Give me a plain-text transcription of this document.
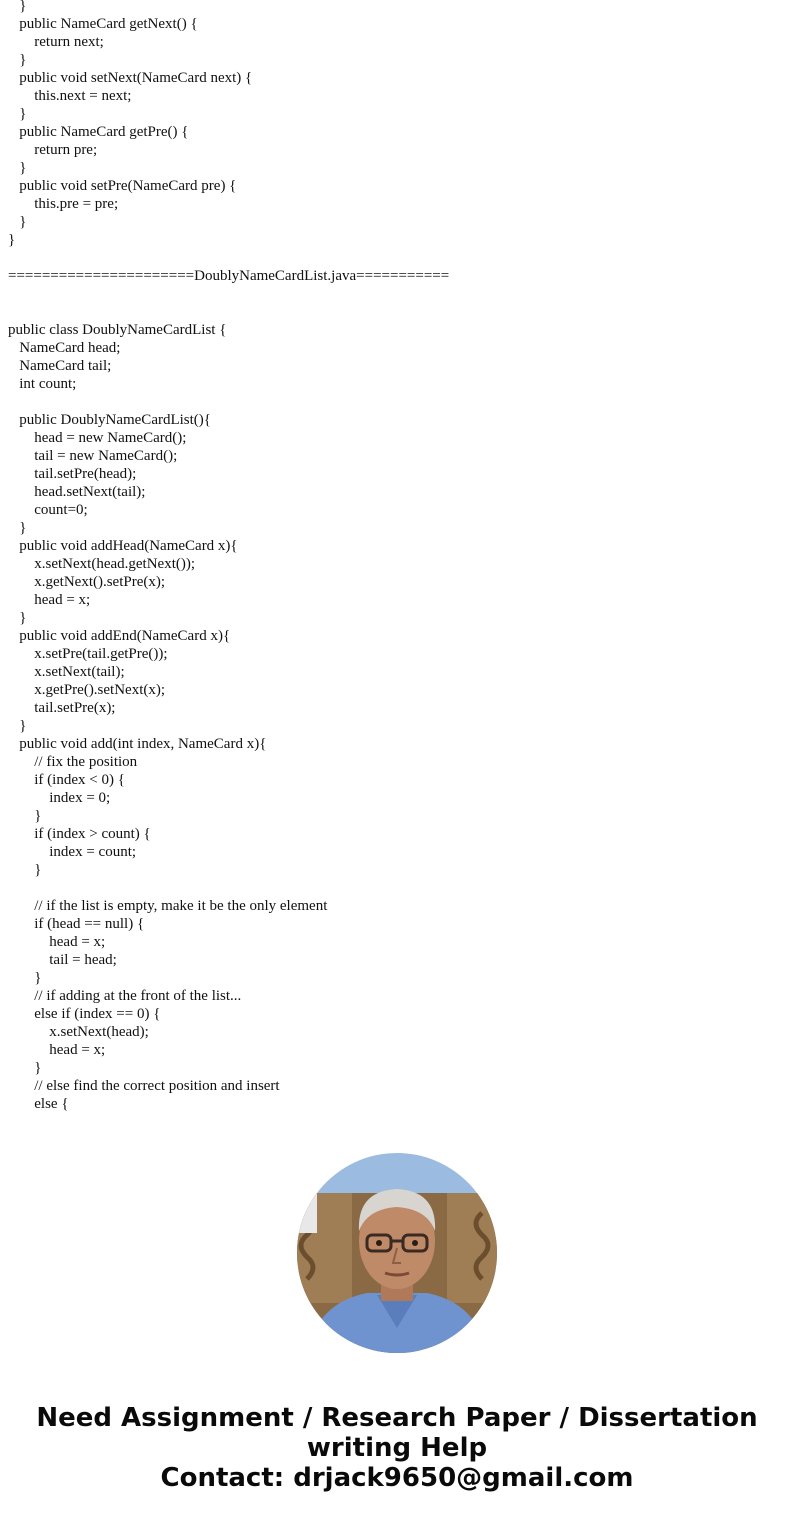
}
public NameCard getNext() {
return next;
}
public void setNext(NameCard next) {
this.next = next;
}
public NameCard getPre() {
return pre;
}
public void setPre(NameCard pre) {
this.pre = pre;
}
}
======================DoublyNameCardList.java===========
public class DoublyNameCardList {
NameCard head;
NameCard tail;
int count;
public DoublyNameCardList(){
head = new NameCard();
tail = new NameCard();
tail.setPre(head);
head.setNext(tail);
count=0;
}
public void addHead(NameCard x){
x.setNext(head.getNext());
x.getNext().setPre(x);
head = x;
}
public void addEnd(NameCard x){
x.setPre(tail.getPre());
x.setNext(tail);
x.getPre().setNext(x);
tail.setPre(x);
}
public void add(int index, NameCard x){
// fix the position
if (index < 0) {
index = 0;
}
if (index > count) {
index = count;
}
// if the list is empty, make it be the only element
if (head == null) {
head = x;
tail = head;
}
// if adding at the front of the list...
else if (index == 0) {
x.setNext(head);
head = x;
}
// else find the correct position and insert
else {
Need Assignment / Research Paper / Dissertation
writing Help
Contact: drjack9650@gmail.com
